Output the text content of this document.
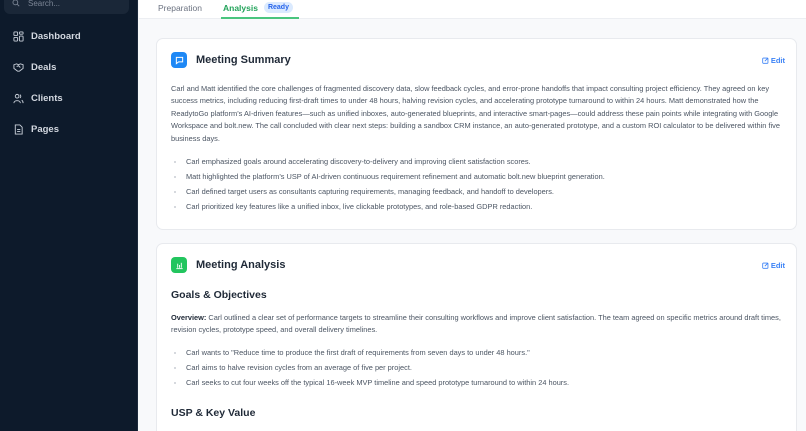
Search...
Dashboard
Deals
Clients
Pages
Preparation Analysis	Ready
Meeting Summary	Edit

Carl and Matt identified the core challenges of fragmented discovery data, slow feedback cycles, and error-prone handoffs that impact consulting project efficiency. They agreed on key success metrics, including reducing first-draft times to under 48 hours, halving revision cycles, and accelerating prototype turnaround to within 24 hours. Matt demonstrated how the ReadytoGo platform’s AI-driven features—such as unified inboxes, auto-generated blueprints, and interactive smart-pages—could address these pain points while integrating with Google Workspace and bolt.new. The call concluded with clear next steps: building a sandbox CRM instance, an auto-generated prototype, and a custom ROI calculator to be delivered within five business days.

Carl emphasized goals around accelerating discovery-to-delivery and improving client satisfaction scores.
Matt highlighted the platform’s USP of AI-driven continuous requirement refinement and automatic bolt.new blueprint generation.
Carl defined target users as consultants capturing requirements, managing feedback, and handoff to developers.
Carl prioritized key features like a unified inbox, live clickable prototypes, and role-based GDPR redaction.
Meeting Analysis	Edit
Goals & Objectives

Overview: Carl outlined a clear set of performance targets to streamline their consulting workflows and improve client satisfaction. The team agreed on specific metrics around draft times, revision cycles, prototype speed, and overall delivery timelines.

Carl wants to "Reduce time to produce the first draft of requirements from seven days to under 48 hours."
Carl aims to halve revision cycles from an average of five per project.
Carl seeks to cut four weeks off the typical 16-week MVP timeline and speed prototype turnaround to within 24 hours.
USP & Key Value
